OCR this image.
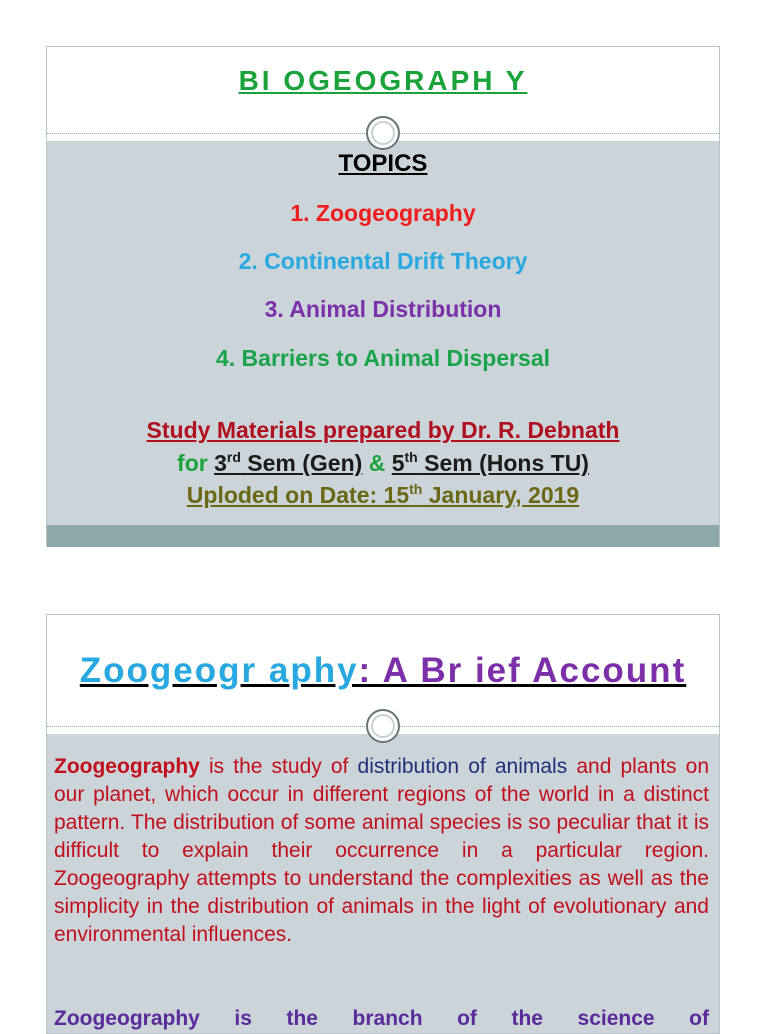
BI OGEOGRAPH Y
TOPICS
1. Zoogeography
2. Continental Drift Theory
3. Animal Distribution
4. Barriers to Animal Dispersal
Study Materials prepared by Dr. R. Debnath
for 3rd Sem (Gen) & 5th Sem (Hons TU)
Uploded on Date: 15th January, 2019
Zoogeogr aphy: A Br ief Account
Zoogeography is the study of distribution of animals and plants on our planet, which occur in different regions of the world in a distinct pattern. The distribution of some animal species is so peculiar that it is difficult to explain their occurrence in a particular region. Zoogeography attempts to understand the complexities as well as the simplicity in the distribution of animals in the light of evolutionary and environmental influences.
Zoogeography is the branch of the science of
